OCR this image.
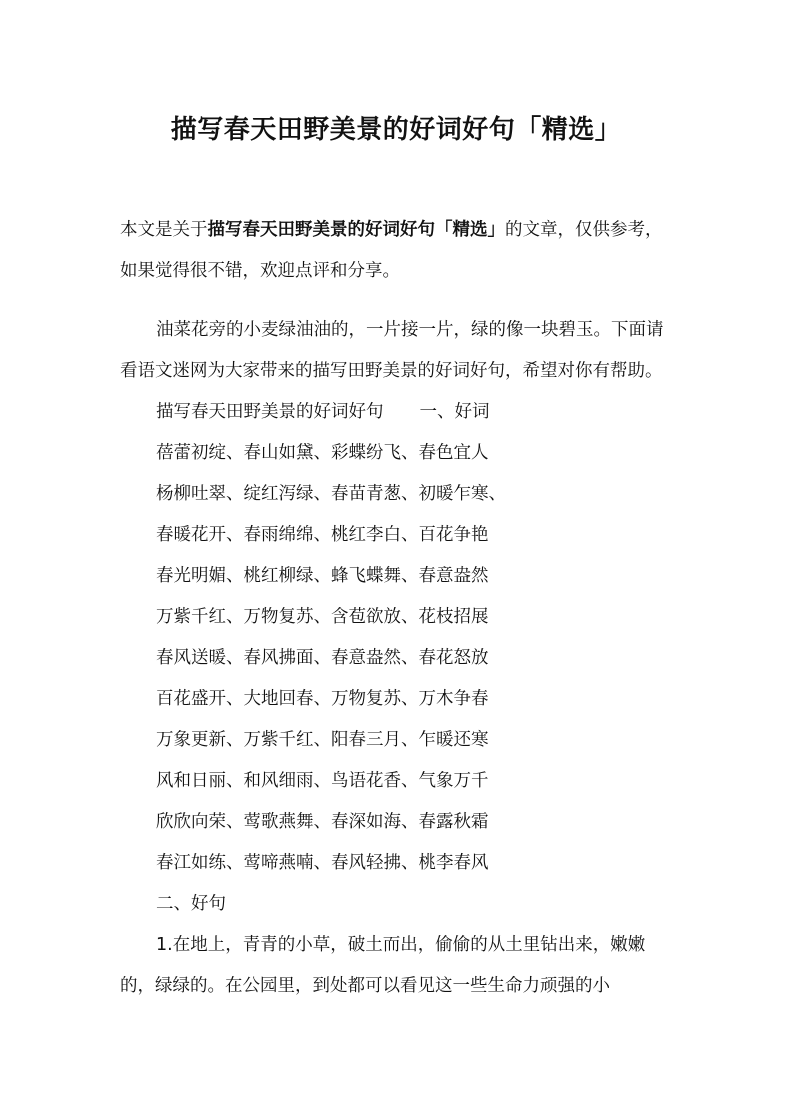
描写春天田野美景的好词好句「精选」

本文是关于描写春天田野美景的好词好句「精选」的文章，仅供参考，如果觉得很不错，欢迎点评和分享。

油菜花旁的小麦绿油油的，一片接一片，绿的像一块碧玉。下面请看语文迷网为大家带来的描写田野美景的好词好句，希望对你有帮助。描写春天田野美景的好词好句 一、好词

蓓蕾初绽、春山如黛、彩蝶纷飞、春色宜人

杨柳吐翠、绽红泻绿、春苗青葱、初暖乍寒、

春暖花开、春雨绵绵、桃红李白、百花争艳

春光明媚、桃红柳绿、蜂飞蝶舞、春意盎然

万紫千红、万物复苏、含苞欲放、花枝招展

春风送暖、春风拂面、春意盎然、春花怒放

百花盛开、大地回春、万物复苏、万木争春

万象更新、万紫千红、阳春三月、乍暖还寒

风和日丽、和风细雨、鸟语花香、气象万千

欣欣向荣、莺歌燕舞、春深如海、春露秋霜

春江如练、莺啼燕喃、春风轻拂、桃李春风

二、好句

1.在地上，青青的小草，破土而出，偷偷的从土里钻出来，嫩嫩的，绿绿的。在公园里，到处都可以看见这一些生命力顽强的小
